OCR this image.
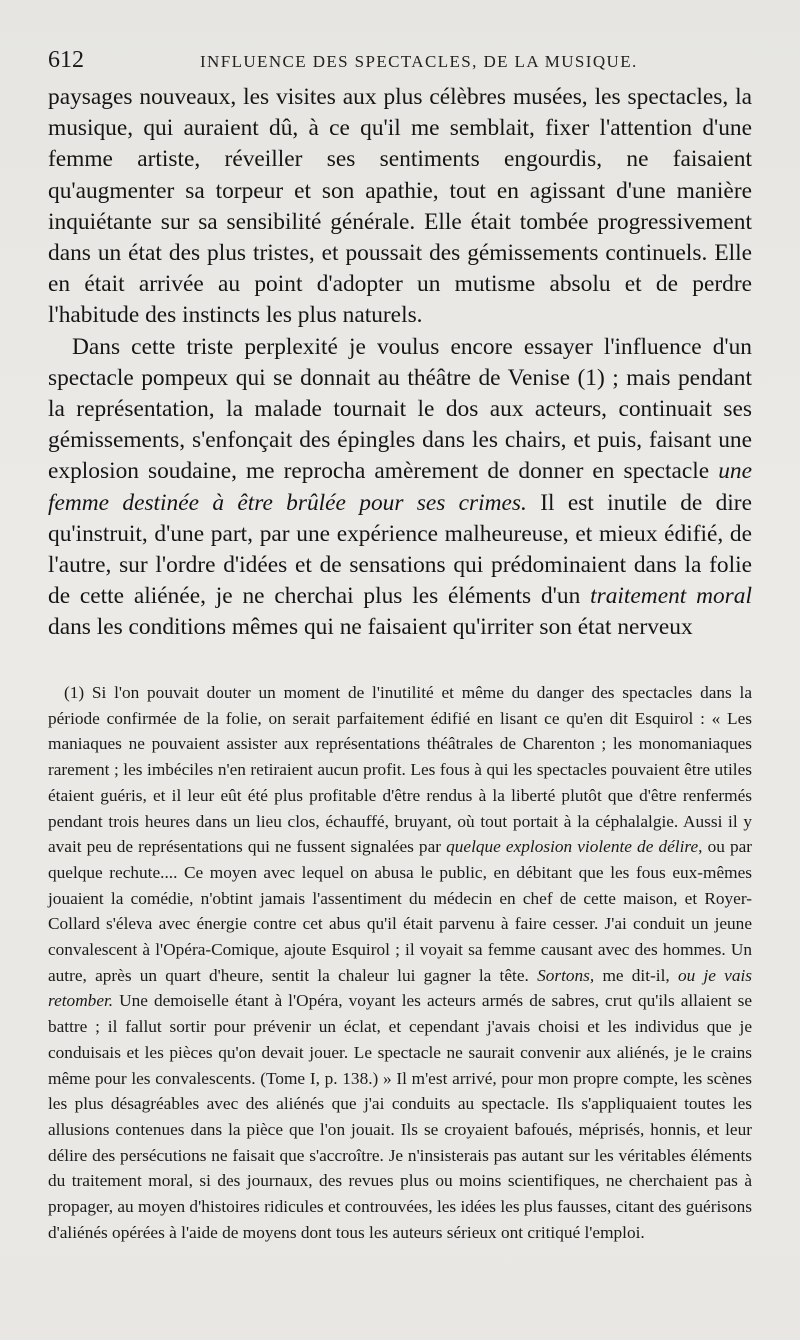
612	INFLUENCE DES SPECTACLES, DE LA MUSIQUE.

paysages nouveaux, les visites aux plus célèbres musées, les spectacles, la musique, qui auraient dû, à ce qu'il me semblait, fixer l'attention d'une femme artiste, réveiller ses sentiments engourdis, ne faisaient qu'augmenter sa torpeur et son apathie, tout en agissant d'une manière inquiétante sur sa sensibilité générale. Elle était tombée progressivement dans un état des plus tristes, et poussait des gémissements continuels. Elle en était arrivée au point d'adopter un mutisme absolu et de perdre l'habitude des instincts les plus naturels.

Dans cette triste perplexité je voulus encore essayer l'influence d'un spectacle pompeux qui se donnait au théâtre de Venise (1) ; mais pendant la représentation, la malade tournait le dos aux acteurs, continuait ses gémissements, s'enfonçait des épingles dans les chairs, et puis, faisant une explosion soudaine, me reprocha amèrement de donner en spectacle une femme destinée à être brûlée pour ses crimes. Il est inutile de dire qu'instruit, d'une part, par une expérience malheureuse, et mieux édifié, de l'autre, sur l'ordre d'idées et de sensations qui prédominaient dans la folie de cette aliénée, je ne cherchai plus les éléments d'un traitement moral dans les conditions mêmes qui ne faisaient qu'irriter son état nerveux

(1) Si l'on pouvait douter un moment de l'inutilité et même du danger des spectacles dans la période confirmée de la folie, on serait parfaitement édifié en lisant ce qu'en dit Esquirol : « Les maniaques ne pouvaient assister aux représentations théâtrales de Charenton ; les monomaniaques rarement ; les imbéciles n'en retiraient aucun profit. Les fous à qui les spectacles pouvaient être utiles étaient guéris, et il leur eût été plus profitable d'être rendus à la liberté plutôt que d'être renfermés pendant trois heures dans un lieu clos, échauffé, bruyant, où tout portait à la céphalalgie. Aussi il y avait peu de représentations qui ne fussent signalées par quelque explosion violente de délire, ou par quelque rechute.... Ce moyen avec lequel on abusa le public, en débitant que les fous eux-mêmes jouaient la comédie, n'obtint jamais l'assentiment du médecin en chef de cette maison, et Royer-Collard s'éleva avec énergie contre cet abus qu'il était parvenu à faire cesser. J'ai conduit un jeune convalescent à l'Opéra-Comique, ajoute Esquirol ; il voyait sa femme causant avec des hommes. Un autre, après un quart d'heure, sentit la chaleur lui gagner la tête. Sortons, me dit-il, ou je vais retomber. Une demoiselle étant à l'Opéra, voyant les acteurs armés de sabres, crut qu'ils allaient se battre ; il fallut sortir pour prévenir un éclat, et cependant j'avais choisi et les individus que je conduisais et les pièces qu'on devait jouer. Le spectacle ne saurait convenir aux aliénés, je le crains même pour les convalescents. (Tome I, p. 138.) » Il m'est arrivé, pour mon propre compte, les scènes les plus désagréables avec des aliénés que j'ai conduits au spectacle. Ils s'appliquaient toutes les allusions contenues dans la pièce que l'on jouait. Ils se croyaient bafoués, méprisés, honnis, et leur délire des persécutions ne faisait que s'accroître. Je n'insisterais pas autant sur les véritables éléments du traitement moral, si des journaux, des revues plus ou moins scientifiques, ne cherchaient pas à propager, au moyen d'histoires ridicules et controuvées, les idées les plus fausses, citant des guérisons d'aliénés opérées à l'aide de moyens dont tous les auteurs sérieux ont critiqué l'emploi.
